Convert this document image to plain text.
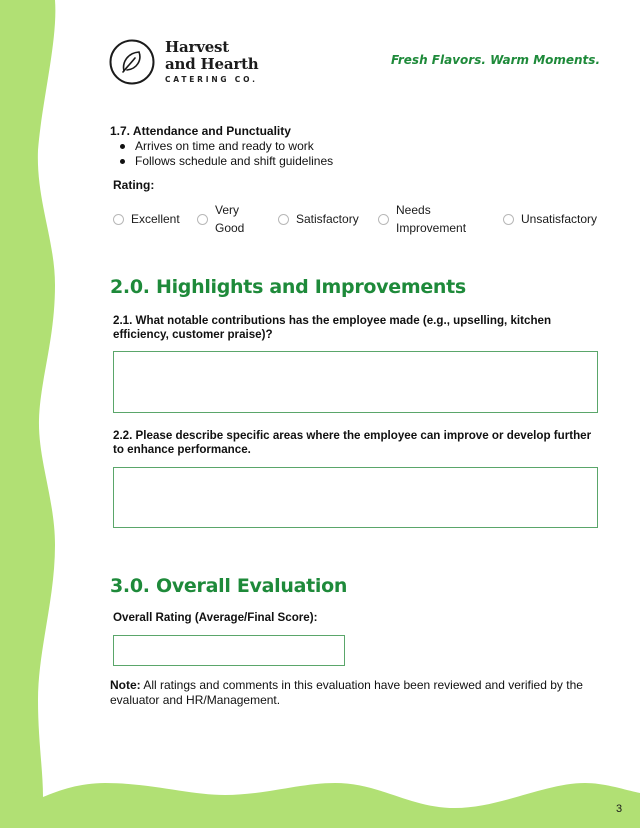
Harvest
and Hearth
CATERING CO.
Fresh Flavors. Warm Moments.
1.7. Attendance and Punctuality
Arrives on time and ready to work
Follows schedule and shift guidelines
Rating:
Excellent
Very
Good
Satisfactory
Needs
Improvement
Unsatisfactory
2.0. Highlights and Improvements
2.1. What notable contributions has the employee made (e.g., upselling, kitchen efficiency, customer praise)?
2.2. Please describe specific areas where the employee can improve or develop further to enhance performance.
3.0. Overall Evaluation
Overall Rating (Average/Final Score):
Note: All ratings and comments in this evaluation have been reviewed and verified by the evaluator and HR/Management.
3
